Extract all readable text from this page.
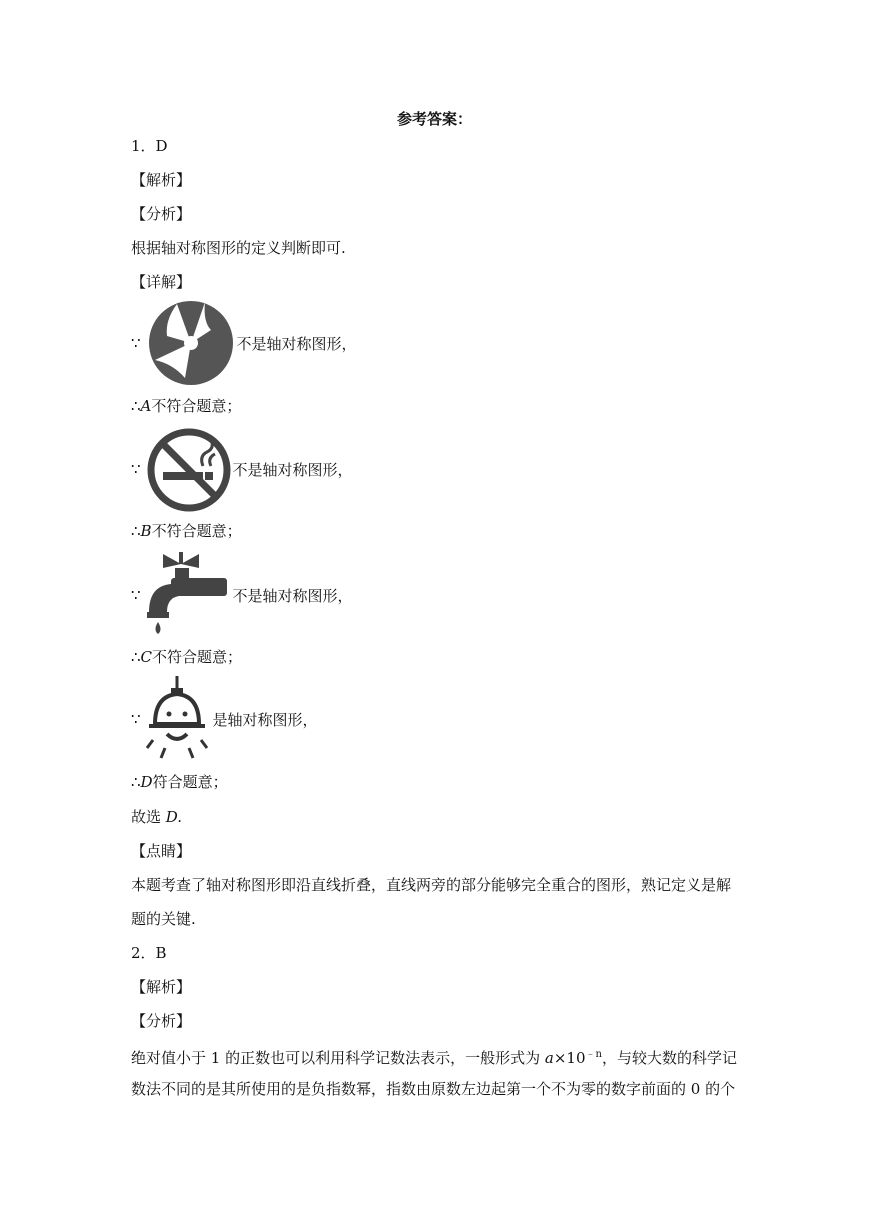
参考答案：
1．D
【解析】
【分析】
根据轴对称图形的定义判断即可.
【详解】
∵	不是轴对称图形，
∴A不符合题意；
∵	不是轴对称图形，
∴B不符合题意；
∵	不是轴对称图形，
∴C不符合题意；
∵	是轴对称图形，
∴D符合题意；
故选 D.
【点睛】
本题考查了轴对称图形即沿直线折叠，直线两旁的部分能够完全重合的图形，熟记定义是解
题的关键.
2．B
【解析】
【分析】
绝对值小于 1 的正数也可以利用科学记数法表示，一般形式为 $a\times 10^{﹣n}$，与较大数的科学记
数法不同的是其所使用的是负指数幂，指数由原数左边起第一个不为零的数字前面的 0 的个
